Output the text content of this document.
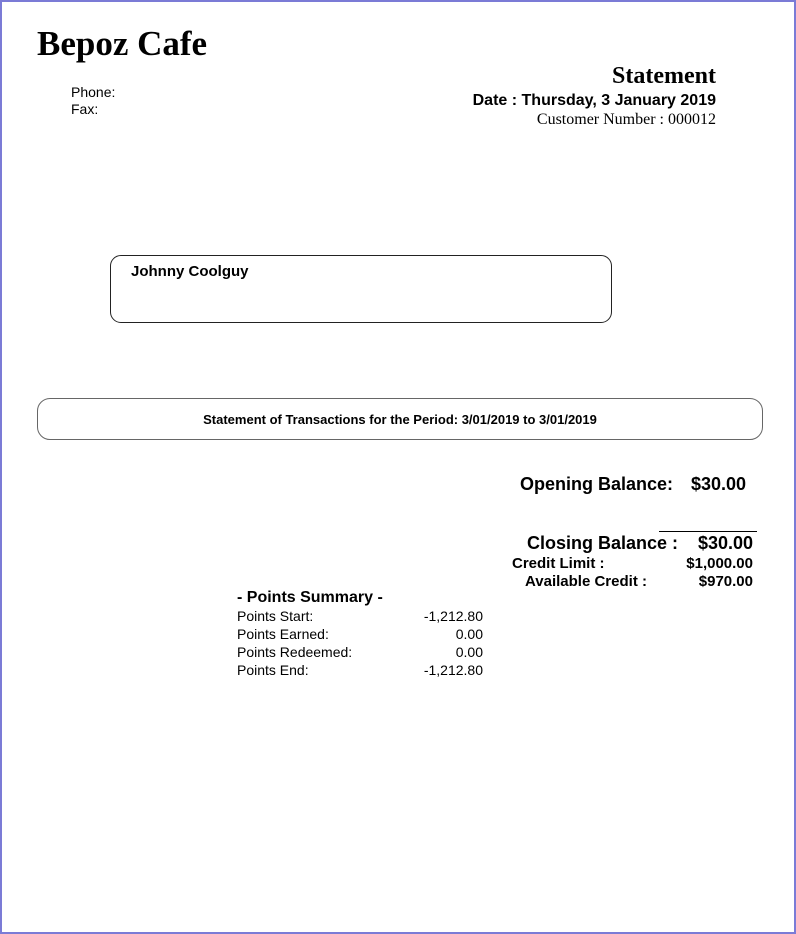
Bepoz Cafe
Phone:
Fax:
Statement
Date : Thursday, 3 January 2019
Customer Number : 000012
Johnny Coolguy
Statement of Transactions for the Period: 3/01/2019 to 3/01/2019
Opening Balance: $30.00
Closing Balance : $30.00
Credit Limit :	$1,000.00
Available Credit :	$970.00
- Points Summary -
Points Start:	-1,212.80
Points Earned:	0.00
Points Redeemed:	0.00
Points End:	-1,212.80
